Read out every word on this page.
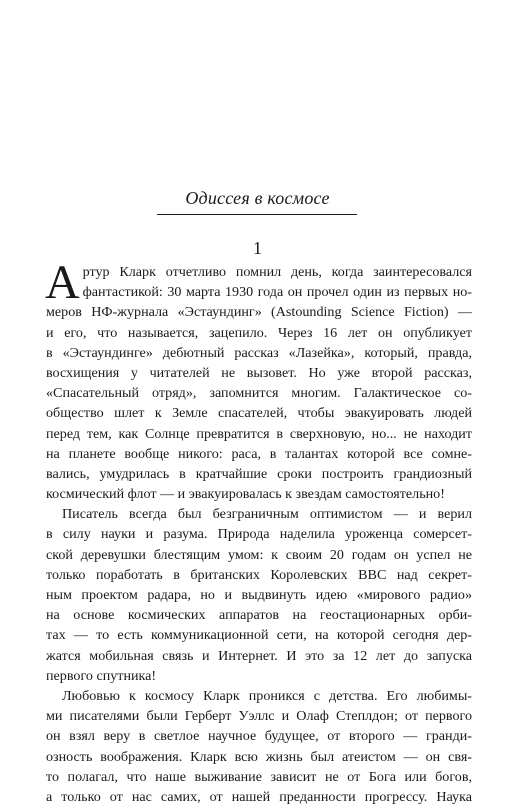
Одиссея в космосе
1
А ртур Кларк отчетливо помнил день, когда заинтересовался
фантастикой: 30 марта 1930 года он прочел один из первых но-
меров НФ-журнала «Эстаундинг» (Astounding Science Fiction) —
и его, что называется, зацепило. Через 16 лет он опубликует
в «Эстаундинге» дебютный рассказ «Лазейка», который, правда,
восхищения у читателей не вызовет. Но уже второй рассказ,
«Спасательный отряд», запомнится многим. Галактическое со-
общество шлет к Земле спасателей, чтобы эвакуировать людей
перед тем, как Солнце превратится в сверхновую, но... не находит
на планете вообще никого: раса, в талантах которой все сомне-
вались, умудрилась в кратчайшие сроки построить грандиозный
космический флот — и эвакуировалась к звездам самостоятельно!
Писатель всегда был безграничным оптимистом — и верил
в силу науки и разума. Природа наделила уроженца сомерсет-
ской деревушки блестящим умом: к своим 20 годам он успел не
только поработать в британских Королевских ВВС над секрет-
ным проектом радара, но и выдвинуть идею «мирового радио»
на основе космических аппаратов на геостационарных орби-
тах — то есть коммуникационной сети, на которой сегодня дер-
жатся мобильная связь и Интернет. И это за 12 лет до запуска
первого спутника!
Любовью к космосу Кларк проникся с детства. Его любимы-
ми писателями были Герберт Уэллс и Олаф Степлдон; от первого
он взял веру в светлое научное будущее, от второго — гранди-
озность воображения. Кларк всю жизнь был атеистом — он свя-
то полагал, что наше выживание зависит не от Бога или богов,
а только от нас самих, от нашей преданности прогрессу. Наука
